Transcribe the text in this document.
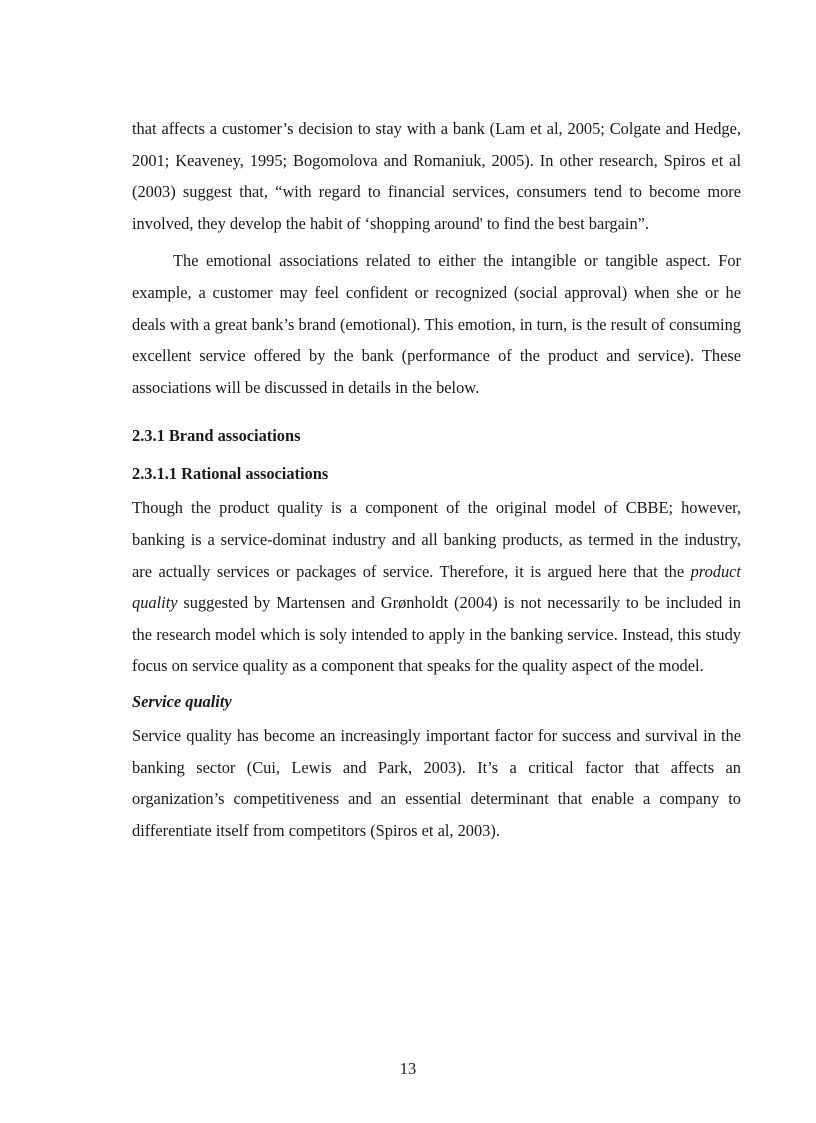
that affects a customer’s decision to stay with a bank (Lam et al, 2005; Colgate and Hedge, 2001; Keaveney, 1995; Bogomolova and Romaniuk, 2005). In other research, Spiros et al (2003) suggest that, “with regard to financial services, consumers tend to become more involved, they develop the habit of ‘shopping around' to find the best bargain”.

The emotional associations related to either the intangible or tangible aspect. For example, a customer may feel confident or recognized (social approval) when she or he deals with a great bank’s brand (emotional). This emotion, in turn, is the result of consuming excellent service offered by the bank (performance of the product and service). These associations will be discussed in details in the below.

2.3.1 Brand associations
2.3.1.1 Rational associations

Though the product quality is a component of the original model of CBBE; however, banking is a service-dominat industry and all banking products, as termed in the industry, are actually services or packages of service. Therefore, it is argued here that the product quality suggested by Martensen and Grønholdt (2004) is not necessarily to be included in the research model which is soly intended to apply in the banking service. Instead, this study focus on service quality as a component that speaks for the quality aspect of the model.

Service quality

Service quality has become an increasingly important factor for success and survival in the banking sector (Cui, Lewis and Park, 2003). It’s a critical factor that affects an organization’s competitiveness and an essential determinant that enable a company to differentiate itself from competitors (Spiros et al, 2003).

13
